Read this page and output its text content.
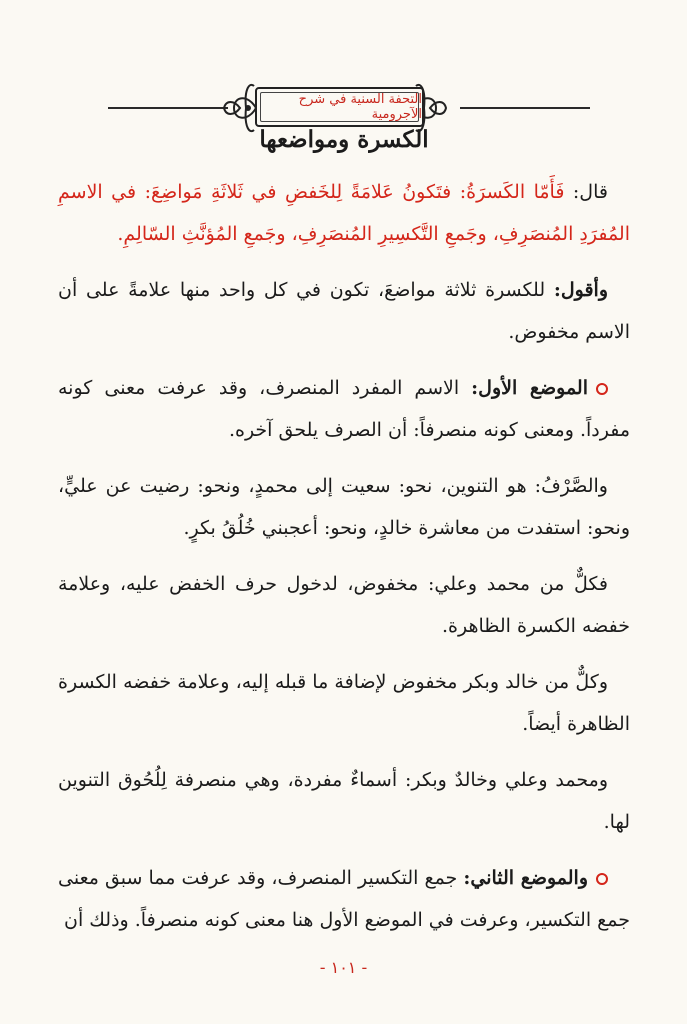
التحفة السنية في شرح الآجرومية
الكسرة ومواضعها

قال: فَأَمّا الكَسرَةُ: فتَكونُ عَلامَةً لِلخَفضِ في ثَلاثَةِ مَواضِعَ: في الاسمِ المُفرَدِ المُنصَرِفِ، وجَمعِ التَّكسِيرِ المُنصَرِفِ، وجَمعِ المُؤنَّثِ السّالِمِ.

وأقول: للكسرة ثلاثة مواضعَ، تكون في كل واحد منها علامةً على أن الاسم مخفوض.

الموضع الأول: الاسم المفرد المنصرف، وقد عرفت معنى كونه مفرداً. ومعنى كونه منصرفاً: أن الصرف يلحق آخره.

والصَّرْفُ: هو التنوين، نحو: سعيت إلى محمدٍ، ونحو: رضيت عن عليٍّ، ونحو: استفدت من معاشرة خالدٍ، ونحو: أعجبني خُلُقُ بكرٍ.

فكلٌّ من محمد وعلي: مخفوض، لدخول حرف الخفض عليه، وعلامة خفضه الكسرة الظاهرة.

وكلٌّ من خالد وبكر مخفوض لإضافة ما قبله إليه، وعلامة خفضه الكسرة الظاهرة أيضاً.

ومحمد وعلي وخالدٌ وبكر: أسماءٌ مفردة، وهي منصرفة لِلُحُوق التنوين لها.

والموضع الثاني: جمع التكسير المنصرف، وقد عرفت مما سبق معنى جمع التكسير، وعرفت في الموضع الأول هنا معنى كونه منصرفاً. وذلك أن

- ١٠١ -
